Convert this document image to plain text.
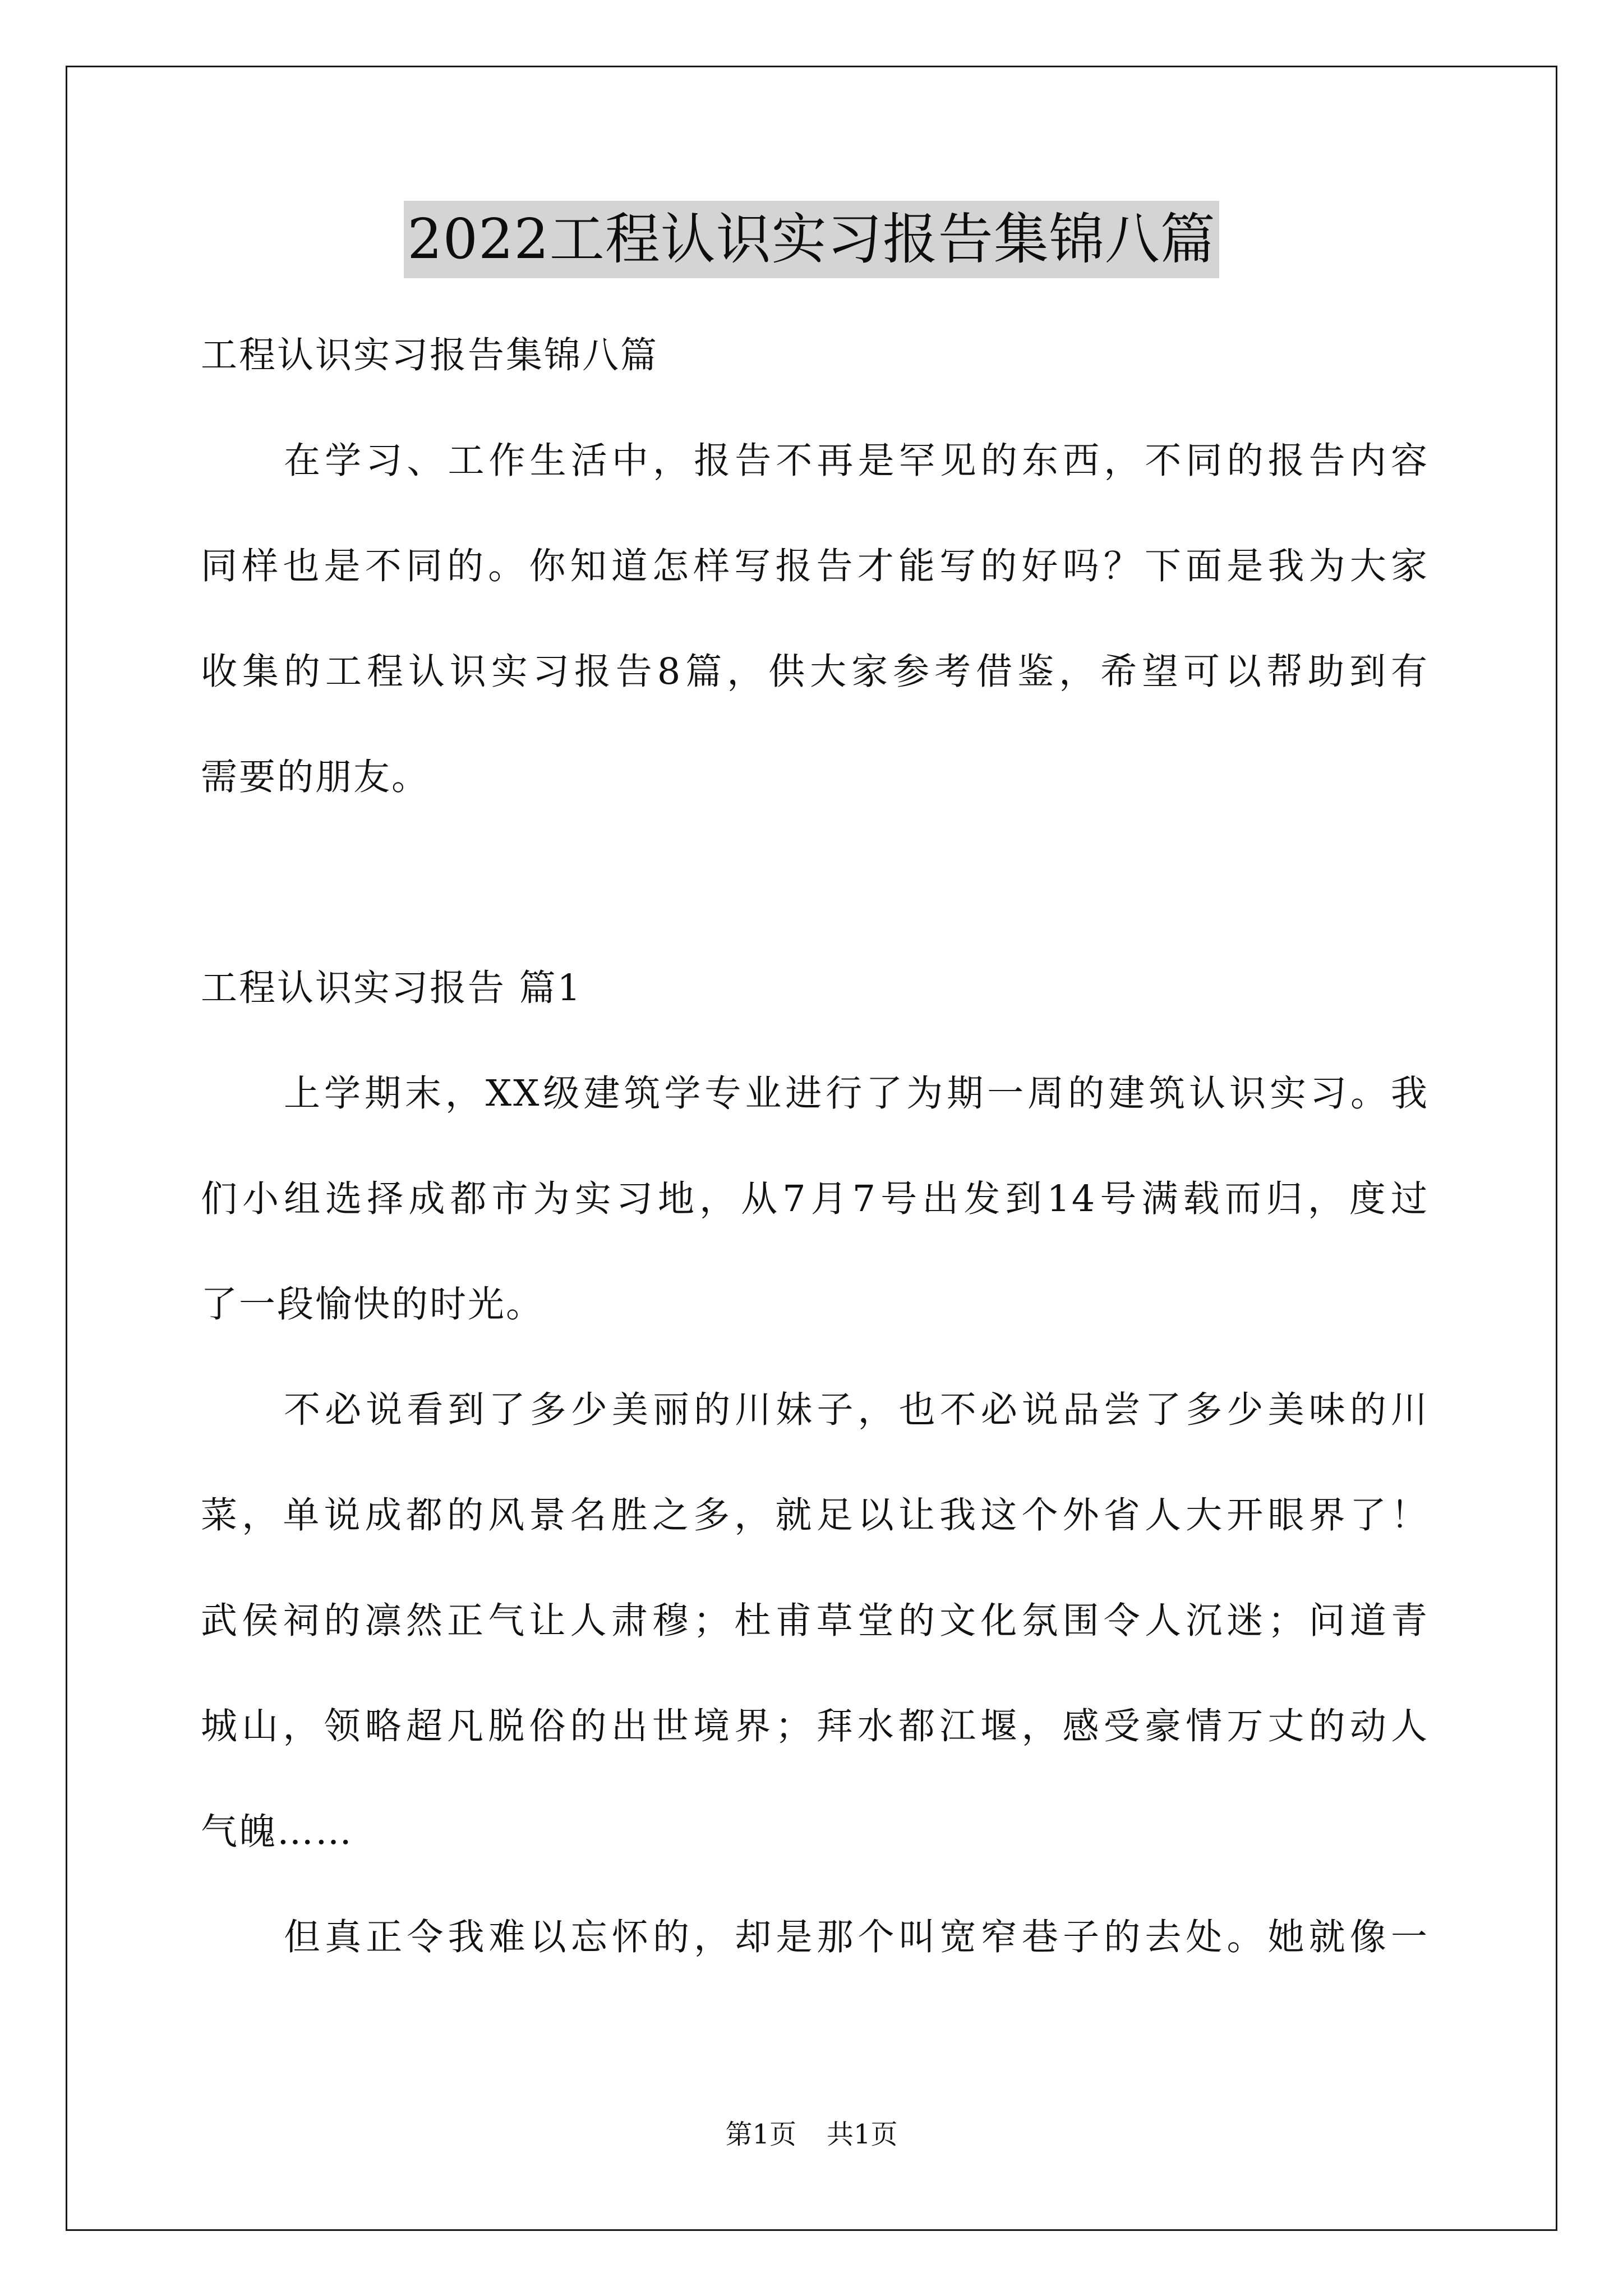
2022工程认识实习报告集锦八篇
工程认识实习报告集锦八篇
在学习、工作生活中，报告不再是罕见的东西，不同的报告内容
同样也是不同的。你知道怎样写报告才能写的好吗？下面是我为大家
收集的工程认识实习报告8篇，供大家参考借鉴，希望可以帮助到有
需要的朋友。
工程认识实习报告 篇1
上学期末，XX级建筑学专业进行了为期一周的建筑认识实习。我
们小组选择成都市为实习地，从7月7号出发到14号满载而归，度过
了一段愉快的时光。
不必说看到了多少美丽的川妹子，也不必说品尝了多少美味的川
菜，单说成都的风景名胜之多，就足以让我这个外省人大开眼界了！
武侯祠的凛然正气让人肃穆；杜甫草堂的文化氛围令人沉迷；问道青
城山，领略超凡脱俗的出世境界；拜水都江堰，感受豪情万丈的动人
气魄……
但真正令我难以忘怀的，却是那个叫宽窄巷子的去处。她就像一
第1页 共1页
